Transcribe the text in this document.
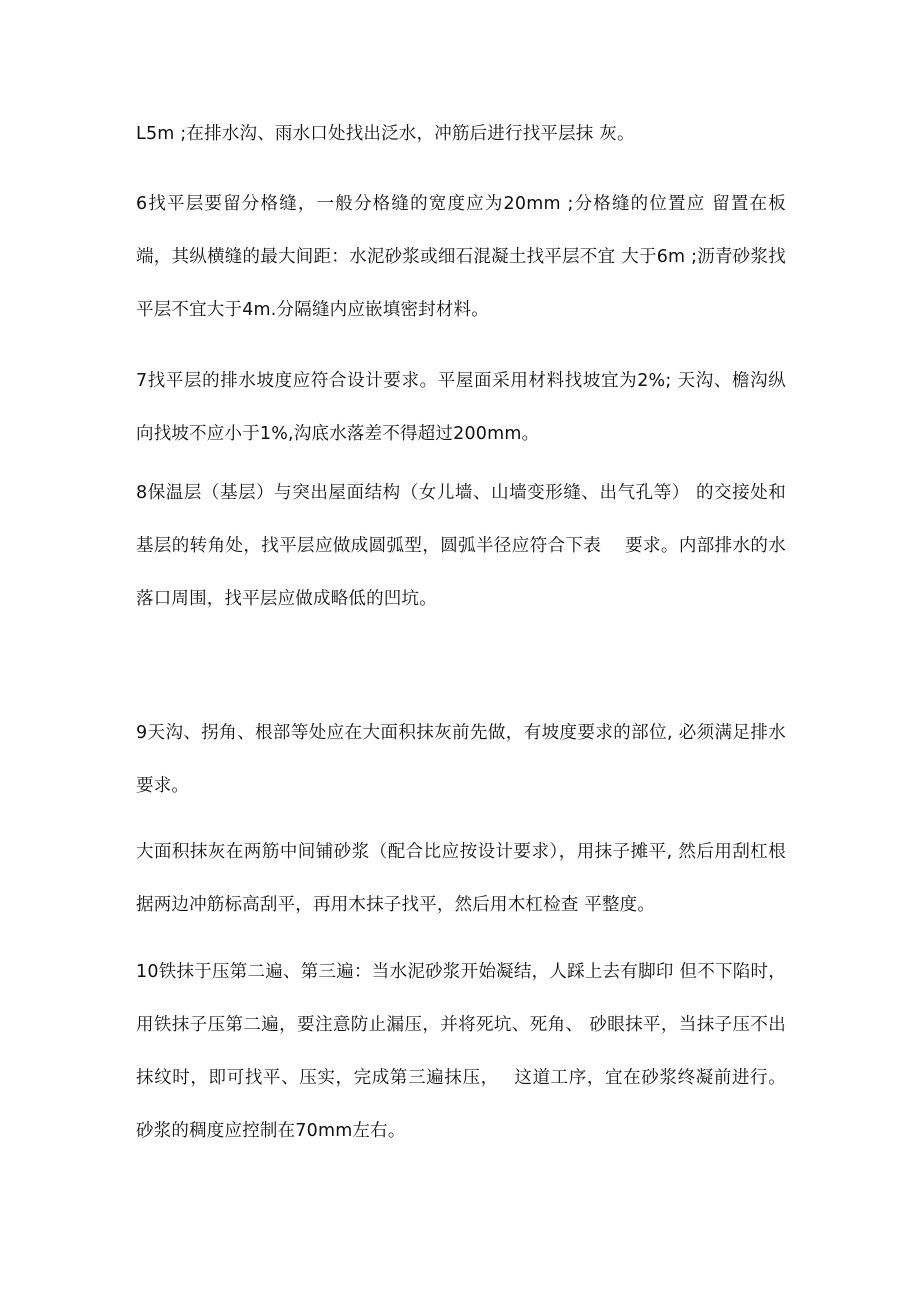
L5m ;在排水沟、雨水口处找出泛水，冲筋后进行找平层抹 灰。

6找平层要留分格缝，一般分格缝的宽度应为20mm ;分格缝的位置应 留置在板端，其纵横缝的最大间距：水泥砂浆或细石混凝土找平层不宜 大于6m ;沥青砂浆找平层不宜大于4m.分隔缝内应嵌填密封材料。

7找平层的排水坡度应符合设计要求。平屋面采用材料找坡宜为2%; 天沟、檐沟纵向找坡不应小于1%,沟底水落差不得超过200mm。

8保温层（基层）与突出屋面结构（女儿墙、山墙变形缝、出气孔等） 的交接处和基层的转角处，找平层应做成圆弧型，圆弧半径应符合下表　 要求。内部排水的水落口周围，找平层应做成略低的凹坑。

9天沟、拐角、根部等处应在大面积抹灰前先做，有坡度要求的部位, 必须满足排水要求。

大面积抹灰在两筋中间铺砂浆（配合比应按设计要求），用抹子摊平, 然后用刮杠根据两边冲筋标高刮平，再用木抹子找平，然后用木杠检查 平整度。

10铁抹于压第二遍、第三遍：当水泥砂浆开始凝结，人踩上去有脚印 但不下陷时，用铁抹子压第二遍，要注意防止漏压，并将死坑、死角、 砂眼抹平，当抹子压不出抹纹时，即可找平、压实，完成第三遍抹压，　 这道工序，宜在砂浆终凝前进行。砂浆的稠度应控制在70mm左右。
